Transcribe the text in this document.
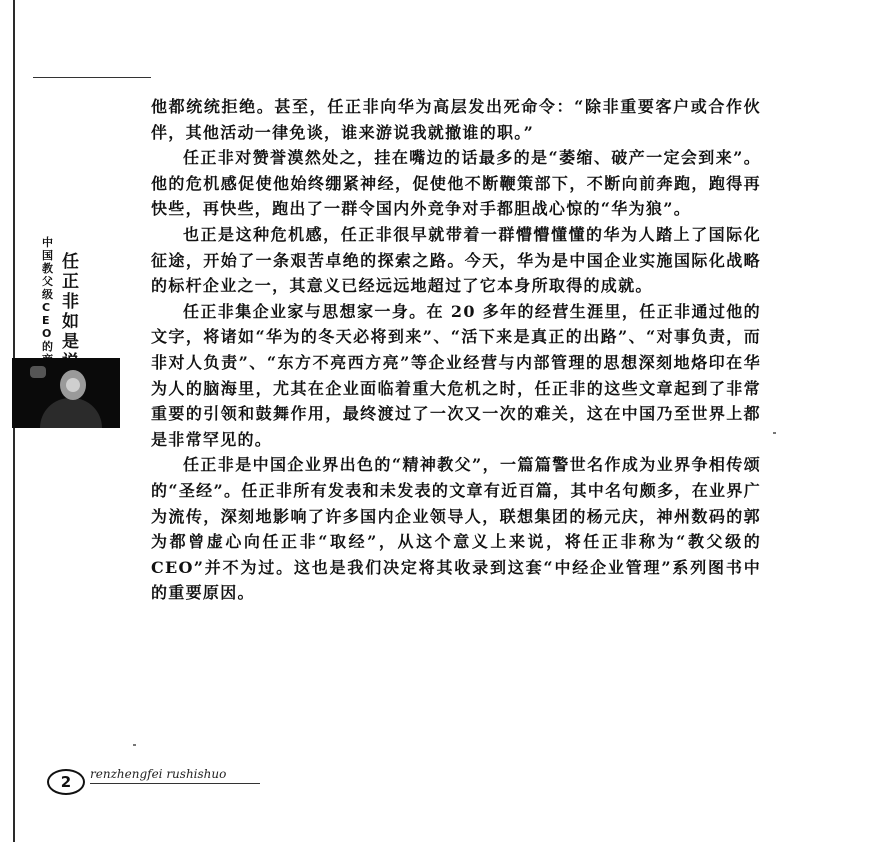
中国教父级CEO的
任正非如是

他都统统拒绝。甚至，任正非向华为高层发出死命令：“除非重要客户或合作伙伴，其他活动一律免谈，谁来游说我就撤谁的职。”

任正非对赞誉漠然处之，挂在嘴边的话最多的是“萎缩、破产一定会到来”。他的危机感促使他始终绷紧神经，促使他不断鞭策部下，不断向前奔跑，跑得再快些，再快些，跑出了一群令国内外竞争对手都胆战心惊的“华为狼”。

也正是这种危机感，任正非很早就带着一群懵懵懂懂的华为人踏上了国际化征途，开始了一条艰苦卓绝的探索之路。今天，华为是中国企业实施国际化战略的标杆企业之一，其意义已经远远地超过了它本身所取得的成就。

任正非集企业家与思想家一身。在 20 多年的经营生涯里，任正非通过他的文字，将诸如“华为的冬天必将到来”、“活下来是真正的出路”、“对事负责，而非对人负责”、“东方不亮西方亮”等企业经营与内部管理的思想深刻地烙印在华为人的脑海里，尤其在企业面临着重大危机之时，任正非的这些文章起到了非常重要的引领和鼓舞作用，最终渡过了一次又一次的难关，这在中国乃至世界上都是非常罕见的。

任正非是中国企业界出色的“精神教父”，一篇篇警世名作成为业界争相传颂的“圣经”。任正非所有发表和未发表的文章有近百篇，其中名句颇多，在业界广为流传，深刻地影响了许多国内企业领导人，联想集团的杨元庆，神州数码的郭为都曾虚心向任正非“取经”，从这个意义上来说，将任正非称为“教父级的 CEO”并不为过。这也是我们决定将其收录到这套“中经企业管理”系列图书中的重要原因。

2	renzhengfei rushishuo
